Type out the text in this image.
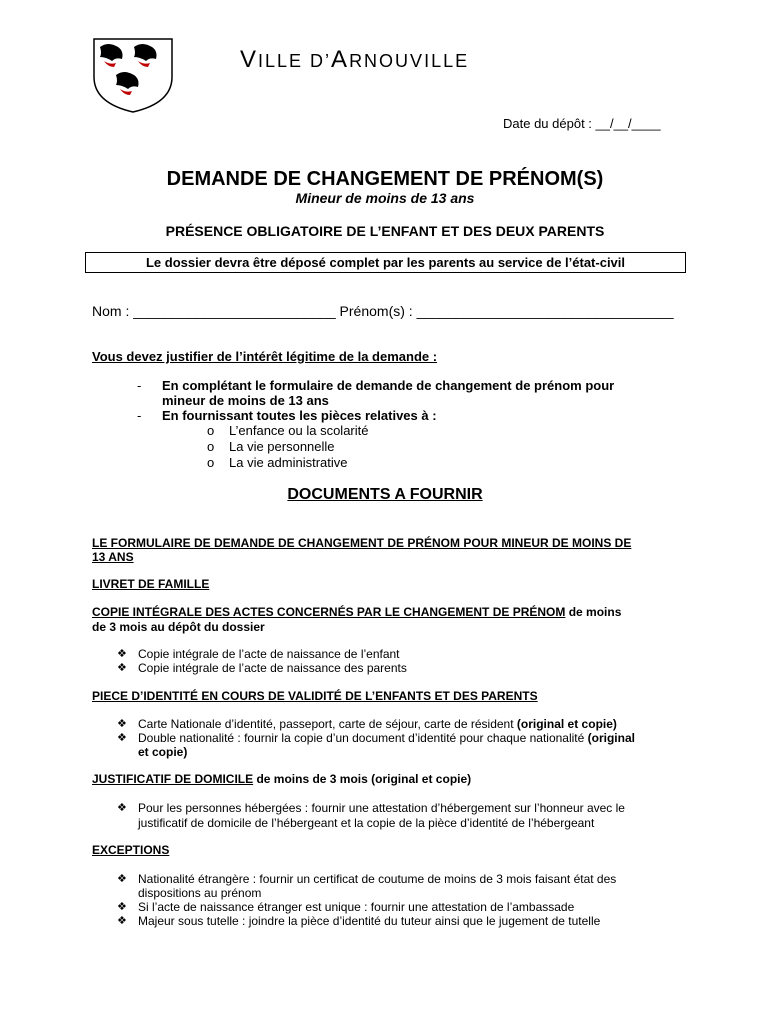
VILLE D’ARNOUVILLE
Date du dépôt : __/__/____
DEMANDE DE CHANGEMENT DE PRÉNOM(S)
Mineur de moins de 13 ans
PRÉSENCE OBLIGATOIRE DE L’ENFANT ET DES DEUX PARENTS
Le dossier devra être déposé complet par les parents au service de l’état-civil
Nom : __________________________ Prénom(s) : _________________________________
Vous devez justifier de l’intérêt légitime de la demande :
- En complétant le formulaire de demande de changement de prénom pour
mineur de moins de 13 ans
- En fournissant toutes les pièces relatives à :
o L’enfance ou la scolarité
o La vie personnelle
o La vie administrative
DOCUMENTS A FOURNIR
LE FORMULAIRE DE DEMANDE DE CHANGEMENT DE PRÉNOM POUR MINEUR DE MOINS DE
13 ANS
LIVRET DE FAMILLE
COPIE INTÉGRALE DES ACTES CONCERNÉS PAR LE CHANGEMENT DE PRÉNOM de moins
de 3 mois au dépôt du dossier
❖ Copie intégrale de l’acte de naissance de l’enfant
❖ Copie intégrale de l’acte de naissance des parents
PIECE D’IDENTITÉ EN COURS DE VALIDITÉ DE L’ENFANTS ET DES PARENTS
❖ Carte Nationale d’identité, passeport, carte de séjour, carte de résident (original et copie)
❖ Double nationalité : fournir la copie d’un document d’identité pour chaque nationalité (original
et copie)
JUSTIFICATIF DE DOMICILE de moins de 3 mois (original et copie)
❖ Pour les personnes hébergées : fournir une attestation d’hébergement sur l’honneur avec le
justificatif de domicile de l’hébergeant et la copie de la pièce d’identité de l’hébergeant
EXCEPTIONS
❖ Nationalité étrangère : fournir un certificat de coutume de moins de 3 mois faisant état des
dispositions au prénom
❖ Si l’acte de naissance étranger est unique : fournir une attestation de l’ambassade
❖ Majeur sous tutelle : joindre la pièce d’identité du tuteur ainsi que le jugement de tutelle
